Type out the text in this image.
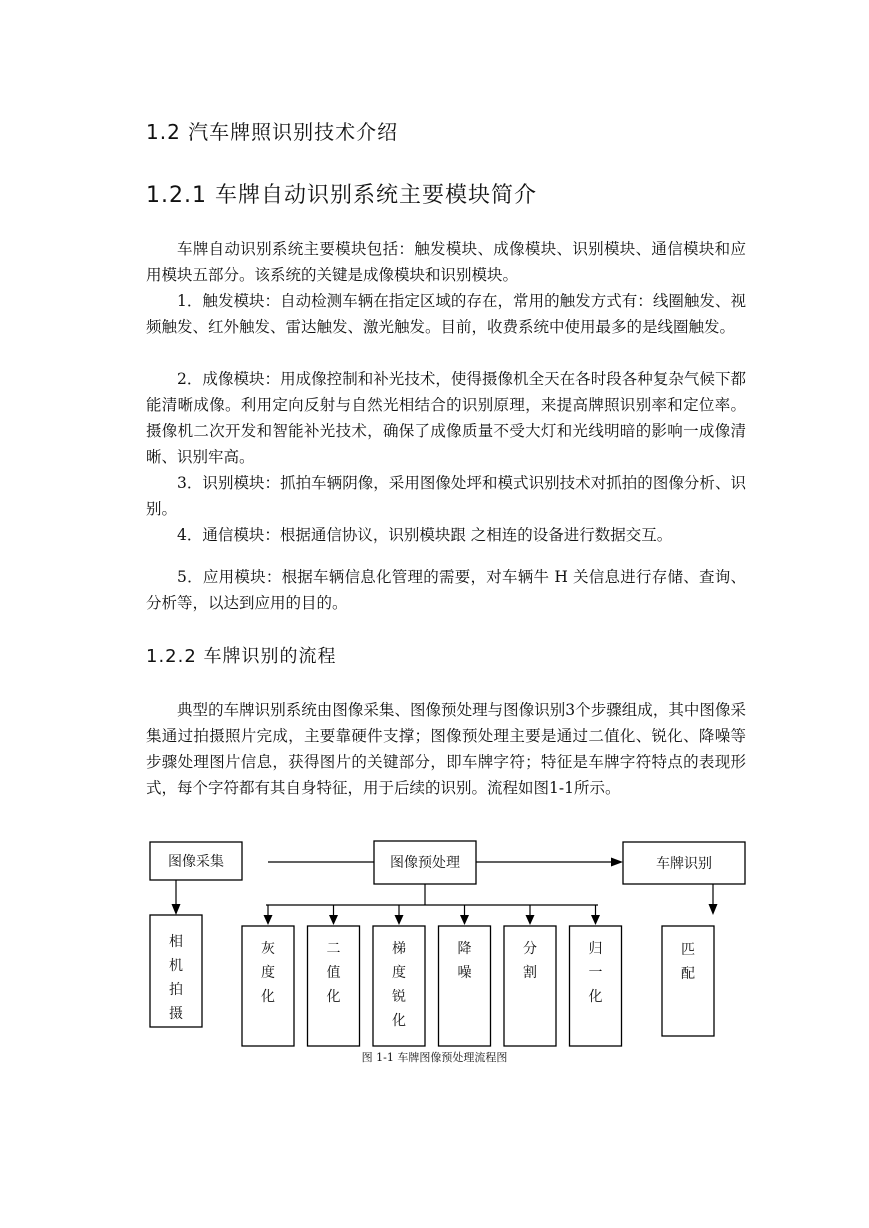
1.2 汽车牌照识别技术介绍
1.2.1 车牌自动识别系统主要模块简介
车牌自动识别系统主要模块包括：触发模块、成像模块、识别模块、通信模块和应用模块五部分。该系统的关键是成像模块和识别模块。
1．触发模块：自动检测车辆在指定区域的存在，常用的触发方式有：线圈触发、视频触发、红外触发、雷达触发、激光触发。目前，收费系统中使用最多的是线圈触发。
2．成像模块：用成像控制和补光技术，使得摄像机全天在各时段各种复杂气候下都能清晰成像。利用定向反射与自然光相结合的识别原理，来提高牌照识别率和定位率。摄像机二次开发和智能补光技术，确保了成像质量不受大灯和光线明暗的影响一成像清晰、识别牢高。
3．识别模块：抓拍车辆阴像，采用图像处坪和模式识别技术对抓拍的图像分析、识别。
4．通信模块：根据通信协议，识别模块跟 之相连的设备进行数据交互。
5．应用模块：根据车辆信息化管理的需要，对车辆牛 H 关信息进行存储、查询、分析等，以达到应用的目的。
1.2.2 车牌识别的流程
典型的车牌识别系统由图像采集、图像预处理与图像识别3个步骤组成，其中图像采集通过拍摄照片完成，主要靠硬件支撑；图像预处理主要是通过二值化、锐化、降噪等步骤处理图片信息，获得图片的关键部分，即车牌字符；特征是车牌字符特点的表现形式，每个字符都有其自身特征，用于后续的识别。流程如图1-1所示。
图像采集	图像预处理	车牌识别
相
机
拍
摄
灰
度
化
二
值
化
梯
度
锐
化
降
噪
分
割
归
一
化
匹
配
图 1-1 车牌图像预处理流程图
